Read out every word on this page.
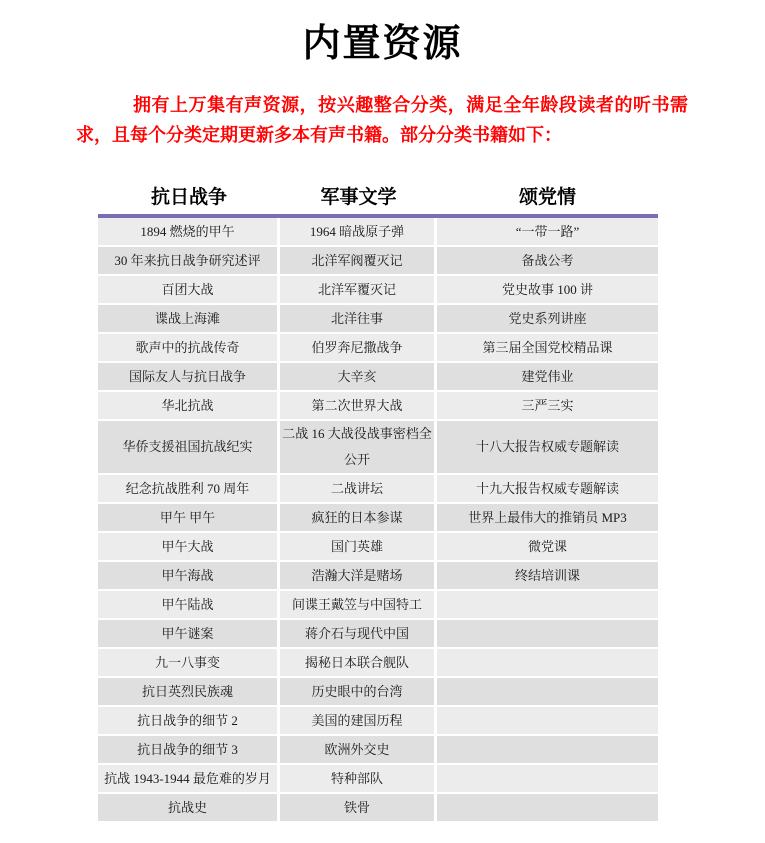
内置资源

拥有上万集有声资源，按兴趣整合分类，满足全年龄段读者的听书需求，且每个分类定期更新多本有声书籍。部分分类书籍如下：

抗日战争	军事文学	颂党情
1894 燃烧的甲午	1964 暗战原子弹	“一带一路”
30 年来抗日战争研究述评	北洋军阀覆灭记	备战公考
百团大战	北洋军覆灭记	党史故事 100 讲
谍战上海滩	北洋往事	党史系列讲座
歌声中的抗战传奇	伯罗奔尼撒战争	第三届全国党校精品课
国际友人与抗日战争	大辛亥	建党伟业
华北抗战	第二次世界大战	三严三实
华侨支援祖国抗战纪实	二战 16 大战役战事密档全公开	十八大报告权威专题解读
纪念抗战胜利 70 周年	二战讲坛	十九大报告权威专题解读
甲午 甲午	疯狂的日本参谋	世界上最伟大的推销员 MP3
甲午大战	国门英雄	微党课
甲午海战	浩瀚大洋是赌场	终结培训课
甲午陆战	间谍王戴笠与中国特工	
甲午谜案	蒋介石与现代中国	
九一八事变	揭秘日本联合舰队	
抗日英烈民族魂	历史眼中的台湾	
抗日战争的细节 2	美国的建国历程	
抗日战争的细节 3	欧洲外交史	
抗战 1943-1944 最危难的岁月	特种部队	
抗战史	铁骨	
